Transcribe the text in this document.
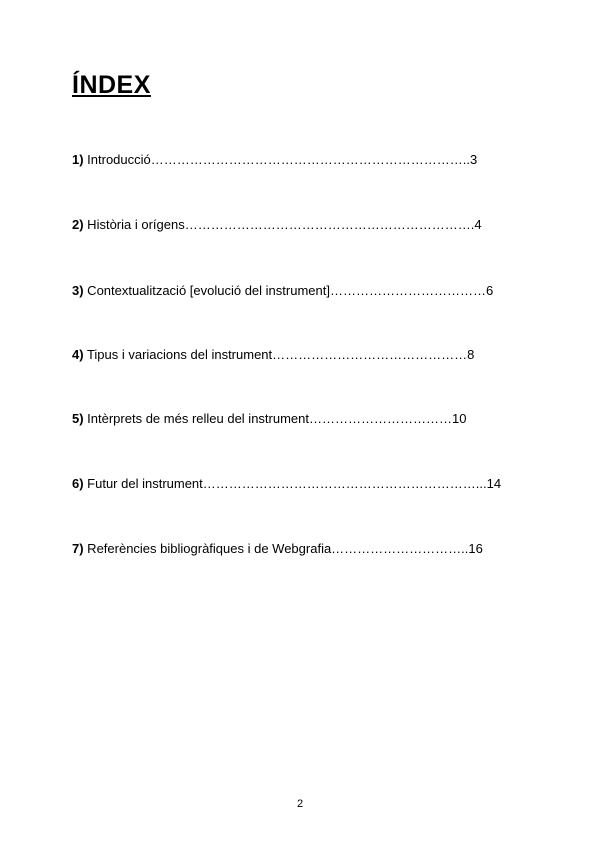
ÍNDEX
1) Introducció………………………………………………………………..3
2) Història i orígens………………………………………………………….4
3) Contextualització [evolució del instrument]………………………………6
4) Tipus i variacions del instrument………………………………………8
5) Intèrprets de més relleu del instrument……………………………10
6) Futur del instrument………………………………………………………...14
7) Referències bibliogràfiques i de Webgrafia…………………………..16
2
